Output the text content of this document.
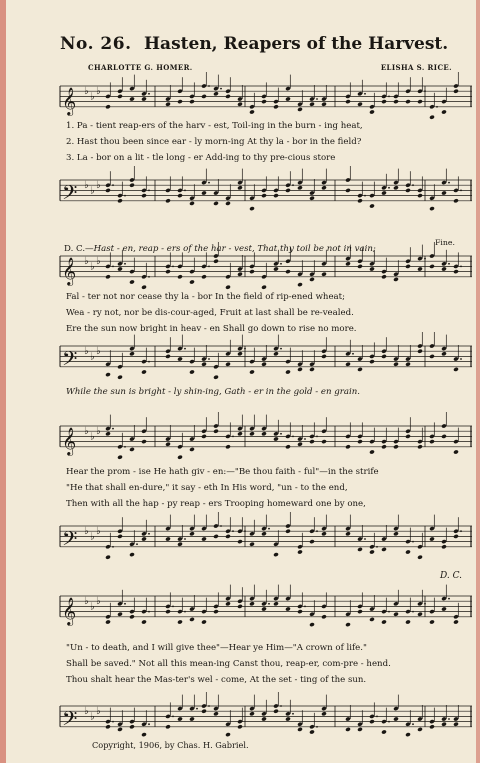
No. 26. Hasten, Reapers of the Harvest.
CHARLOTTE G. HOMER.	ELISHA S. RICE.
𝄞 ♭ ♭ ♭
1. Pa - tient reap-ers of the harv - est, Toil-ing in the burn - ing heat,
2. Hast thou been since ear - ly morn-ing At thy la - bor in the field?
3. La - bor on a lit - tle long - er Add-ing to thy pre-cious store
𝄢 ♭ ♭ ♭
D. C.—Hast - en, reap - ers of the har - vest, That thy toil be not in vain;
Fine.
𝄞 ♭ ♭ ♭
Fal - ter not nor cease thy la - bor In the field of rip-ened wheat;
Wea - ry not, nor be dis-cour-aged, Fruit at last shall be re-vealed.
Ere the sun now bright in heav - en Shall go down to rise no more.
𝄢 ♭ ♭ ♭
While the sun is bright - ly shin-ing, Gath - er in the gold - en grain.
𝄞 ♭ ♭ ♭
Hear the prom - ise He hath giv - en:—"Be thou faith - ful"—in the strife
"He that shall en-dure," it say - eth In His word, "un - to the end,
Then with all the hap - py reap - ers Trooping homeward one by one,
𝄢 ♭ ♭ ♭
𝄞 ♭ ♭ ♭
D. C.
"Un - to death, and I will give thee"—Hear ye Him—"A crown of life."
Shall be saved." Not all this mean-ing Canst thou, reap-er, com-pre - hend.
Thou shalt hear the Mas-ter's wel - come, At the set - ting of the sun.
𝄢 ♭ ♭ ♭
Copyright, 1906, by Chas. H. Gabriel.
